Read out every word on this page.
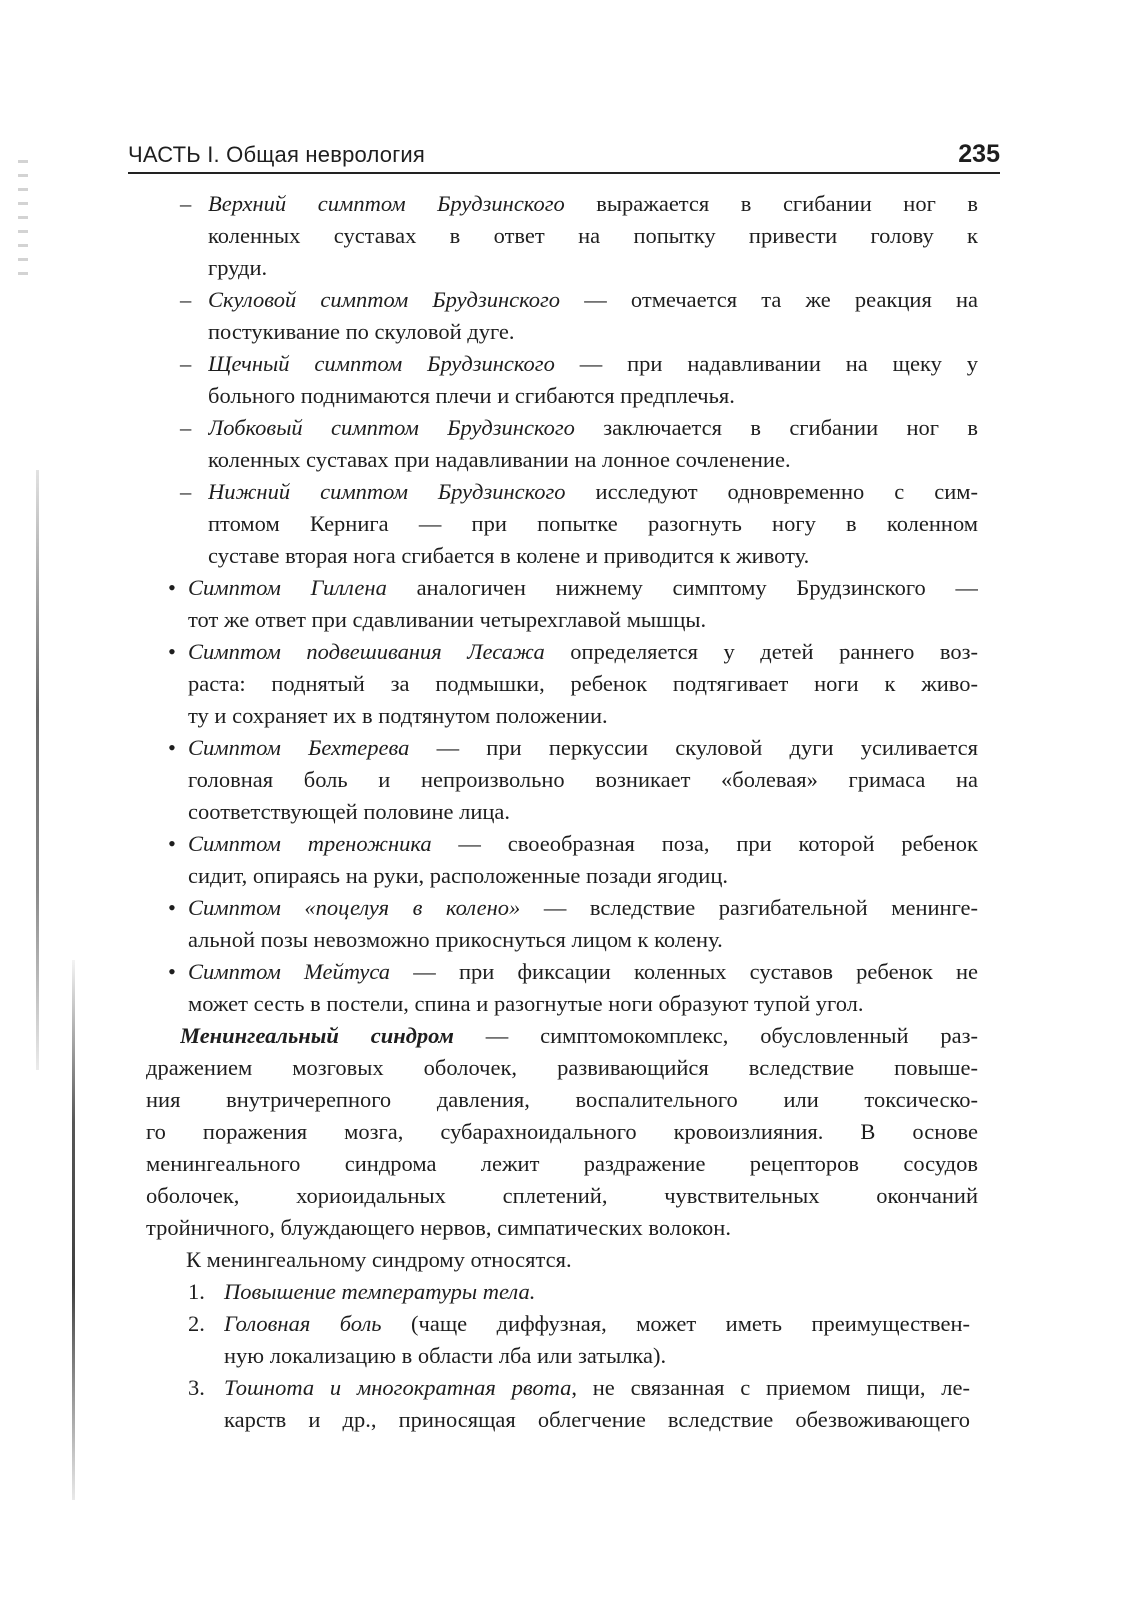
ЧАСТЬ I. Общая неврология	235
– Верхний симптом Брудзинского выражается в сгибании ног в
коленных суставах в ответ на попытку привести голову к
груди.
– Скуловой симптом Брудзинского — отмечается та же реакция на
постукивание по скуловой дуге.
– Щечный симптом Брудзинского — при надавливании на щеку у
больного поднимаются плечи и сгибаются предплечья.
– Лобковый симптом Брудзинского заключается в сгибании ног в
коленных суставах при надавливании на лонное сочленение.
– Нижний симптом Брудзинского исследуют одновременно с сим-
птомом Кернига — при попытке разогнуть ногу в коленном
суставе вторая нога сгибается в колене и приводится к животу.
• Симптом Гиллена аналогичен нижнему симптому Брудзинского —
тот же ответ при сдавливании четырехглавой мышцы.
• Симптом подвешивания Лесажа определяется у детей раннего воз-
раста: поднятый за подмышки, ребенок подтягивает ноги к живо-
ту и сохраняет их в подтянутом положении.
• Симптом Бехтерева — при перкуссии скуловой дуги усиливается
головная боль и непроизвольно возникает «болевая» гримаса на
соответствующей половине лица.
• Симптом треножника — своеобразная поза, при которой ребенок
сидит, опираясь на руки, расположенные позади ягодиц.
• Симптом «поцелуя в колено» — вследствие разгибательной менинге-
альной позы невозможно прикоснуться лицом к колену.
• Симптом Мейтуса — при фиксации коленных суставов ребенок не
может сесть в постели, спина и разогнутые ноги образуют тупой угол.
Менингеальный синдром — симптомокомплекс, обусловленный раз-
дражением мозговых оболочек, развивающийся вследствие повыше-
ния внутричерепного давления, воспалительного или токсическо-
го поражения мозга, субарахноидального кровоизлияния. В основе
менингеального синдрома лежит раздражение рецепторов сосудов
оболочек, хориоидальных сплетений, чувствительных окончаний
тройничного, блуждающего нервов, симпатических волокон.
К менингеальному синдрому относятся.
1. Повышение температуры тела.
2. Головная боль (чаще диффузная, может иметь преимуществен-
ную локализацию в области лба или затылка).
3. Тошнота и многократная рвота, не связанная с приемом пищи, ле-
карств и др., приносящая облегчение вследствие обезвоживающего
